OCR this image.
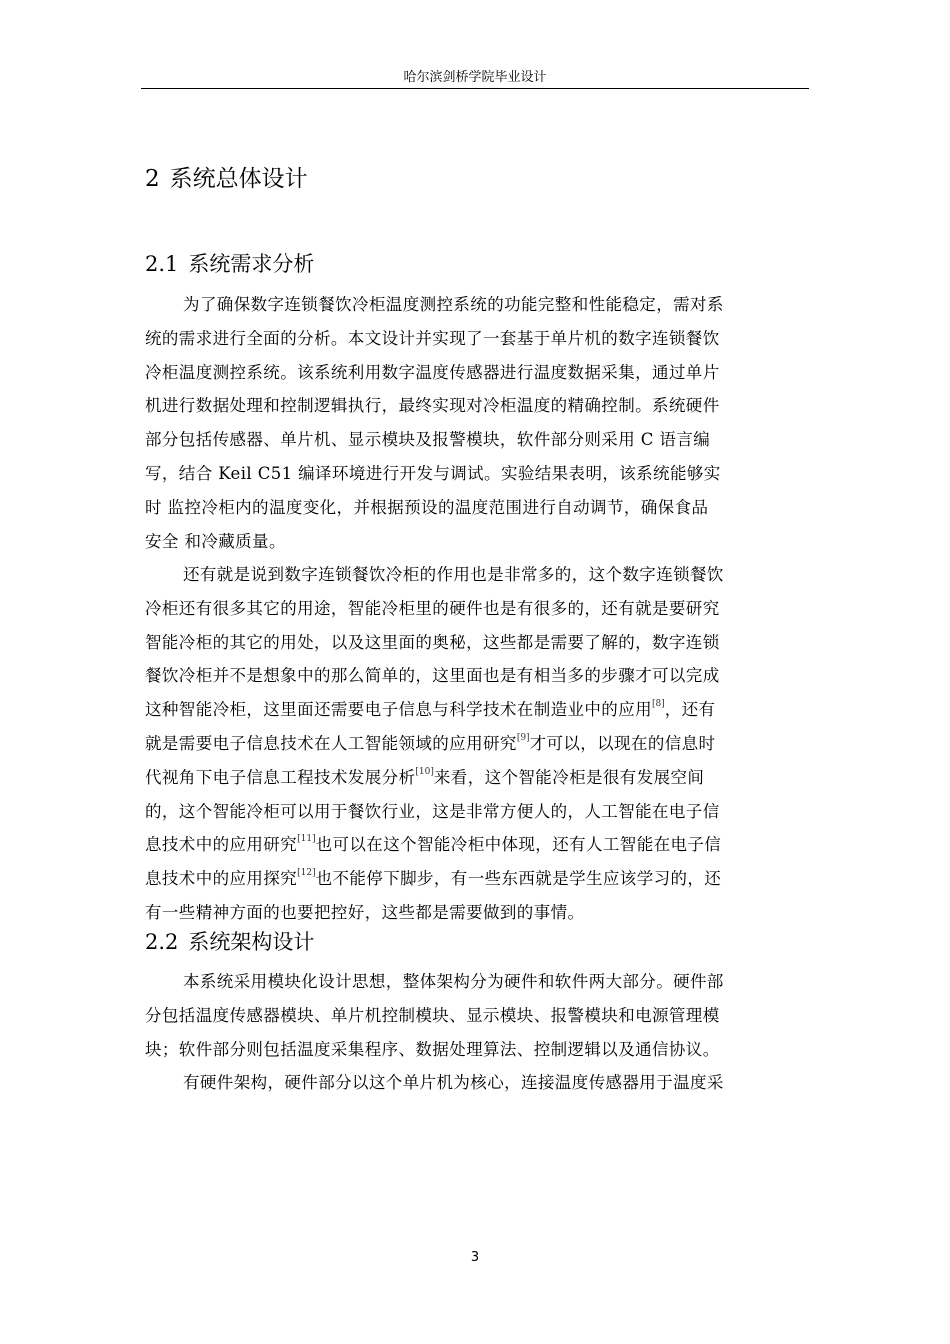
哈尔滨剑桥学院毕业设计
2 系统总体设计
2.1 系统需求分析
为了确保数字连锁餐饮冷柜温度测控系统的功能完整和性能稳定，需对系
统的需求进行全面的分析。本文设计并实现了一套基于单片机的数字连锁餐饮
冷柜温度测控系统。该系统利用数字温度传感器进行温度数据采集，通过单片
机进行数据处理和控制逻辑执行，最终实现对冷柜温度的精确控制。系统硬件
部分包括传感器、单片机、显示模块及报警模块，软件部分则采用 C 语言编
写，结合 Keil C51 编译环境进行开发与调试。实验结果表明，该系统能够实
时 监控冷柜内的温度变化，并根据预设的温度范围进行自动调节，确保食品
安全 和冷藏质量。
还有就是说到数字连锁餐饮冷柜的作用也是非常多的，这个数字连锁餐饮
冷柜还有很多其它的用途，智能冷柜里的硬件也是有很多的，还有就是要研究
智能冷柜的其它的用处，以及这里面的奥秘，这些都是需要了解的，数字连锁
餐饮冷柜并不是想象中的那么简单的，这里面也是有相当多的步骤才可以完成
这种智能冷柜，这里面还需要电子信息与科学技术在制造业中的应用[8]，还有
就是需要电子信息技术在人工智能领域的应用研究[9]才可以，以现在的信息时
代视角下电子信息工程技术发展分析[10]来看，这个智能冷柜是很有发展空间
的，这个智能冷柜可以用于餐饮行业，这是非常方便人的，人工智能在电子信
息技术中的应用研究[11]也可以在这个智能冷柜中体现，还有人工智能在电子信
息技术中的应用探究[12]也不能停下脚步，有一些东西就是学生应该学习的，还
有一些精神方面的也要把控好，这些都是需要做到的事情。
2.2 系统架构设计
本系统采用模块化设计思想，整体架构分为硬件和软件两大部分。硬件部
分包括温度传感器模块、单片机控制模块、显示模块、报警模块和电源管理模
块；软件部分则包括温度采集程序、数据处理算法、控制逻辑以及通信协议。
有硬件架构，硬件部分以这个单片机为核心，连接温度传感器用于温度采
3
